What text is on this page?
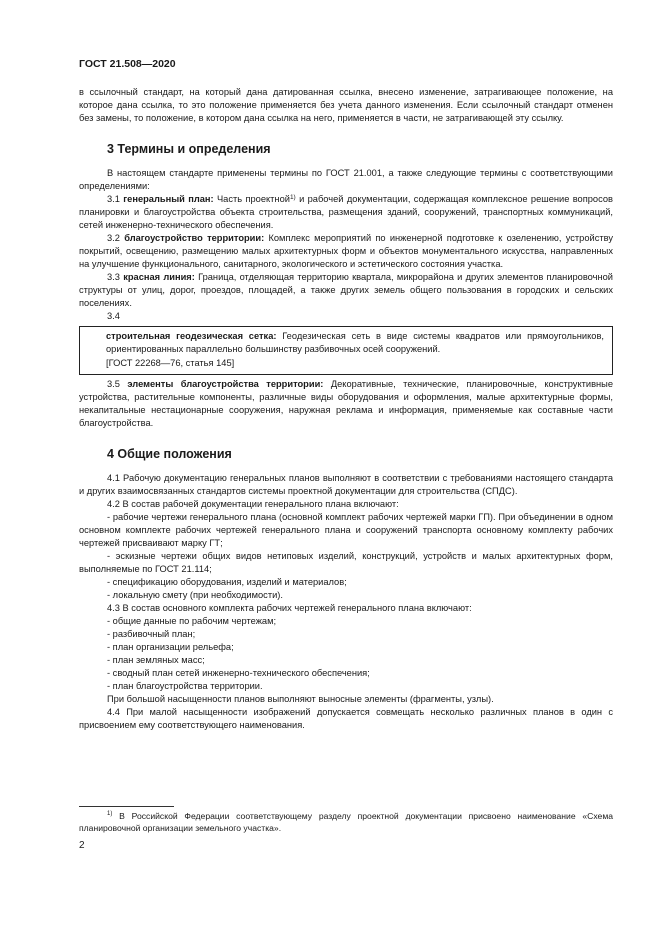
ГОСТ 21.508—2020

в ссылочный стандарт, на который дана датированная ссылка, внесено изменение, затрагивающее положение, на которое дана ссылка, то это положение применяется без учета данного изменения. Если ссылочный стандарт отменен без замены, то положение, в котором дана ссылка на него, применяется в части, не затрагивающей эту ссылку.

3 Термины и определения

В настоящем стандарте применены термины по ГОСТ 21.001, а также следующие термины с соответствующими определениями:

3.1 генеральный план: Часть проектной$^{1)}$ и рабочей документации, содержащая комплексное решение вопросов планировки и благоустройства объекта строительства, размещения зданий, сооружений, транспортных коммуникаций, сетей инженерно-технического обеспечения.

3.2 благоустройство территории: Комплекс мероприятий по инженерной подготовке к озеленению, устройству покрытий, освещению, размещению малых архитектурных форм и объектов монументального искусства, направленных на улучшение функционального, санитарного, экологического и эстетического состояния участка.

3.3 красная линия: Граница, отделяющая территорию квартала, микрорайона и других элементов планировочной структуры от улиц, дорог, проездов, площадей, а также других земель общего пользования в городских и сельских поселениях.

3.4

строительная геодезическая сетка: Геодезическая сеть в виде системы квадратов или прямоугольников, ориентированных параллельно большинству разбивочных осей сооружений.

[ГОСТ 22268—76, статья 145]

3.5 элементы благоустройства территории: Декоративные, технические, планировочные, конструктивные устройства, растительные компоненты, различные виды оборудования и оформления, малые архитектурные формы, некапитальные нестационарные сооружения, наружная реклама и информация, применяемые как составные части благоустройства.

4 Общие положения

4.1 Рабочую документацию генеральных планов выполняют в соответствии с требованиями настоящего стандарта и других взаимосвязанных стандартов системы проектной документации для строительства (СПДС).

4.2 В состав рабочей документации генерального плана включают:

- рабочие чертежи генерального плана (основной комплект рабочих чертежей марки ГП). При объединении в одном основном комплекте рабочих чертежей генерального плана и сооружений транспорта основному комплекту рабочих чертежей присваивают марку ГТ;

- эскизные чертежи общих видов нетиповых изделий, конструкций, устройств и малых архитектурных форм, выполняемые по ГОСТ 21.114;

- спецификацию оборудования, изделий и материалов;

- локальную смету (при необходимости).

4.3 В состав основного комплекта рабочих чертежей генерального плана включают:

- общие данные по рабочим чертежам;

- разбивочный план;

- план организации рельефа;

- план земляных масс;

- сводный план сетей инженерно-технического обеспечения;

- план благоустройства территории.

При большой насыщенности планов выполняют выносные элементы (фрагменты, узлы).

4.4 При малой насыщенности изображений допускается совмещать несколько различных планов в один с присвоением ему соответствующего наименования.

$^{1)}$ В Российской Федерации соответствующему разделу проектной документации присвоено наименование «Схема планировочной организации земельного участка».

2
